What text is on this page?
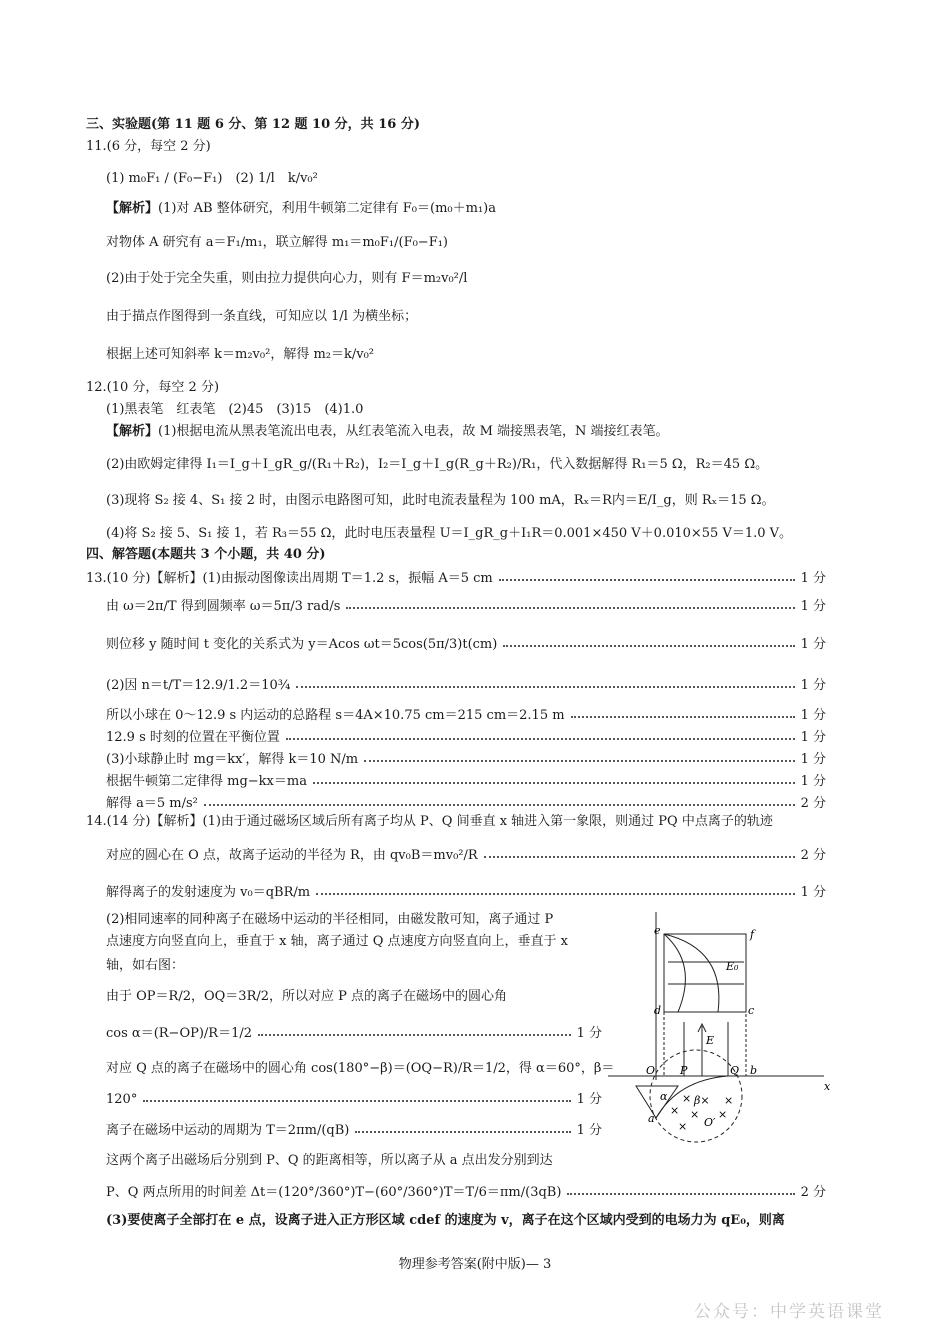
三、实验题(第 11 题 6 分、第 12 题 10 分，共 16 分)
11.(6 分，每空 2 分)
(1) m₀F₁ / (F₀−F₁)　(2) 1/l　k/v₀²
【解析】(1)对 AB 整体研究，利用牛顿第二定律有 F₀＝(m₀＋m₁)a
对物体 A 研究有 a＝F₁/m₁，联立解得 m₁＝m₀F₁/(F₀−F₁)
(2)由于处于完全失重，则由拉力提供向心力，则有 F＝m₂v₀²/l
由于描点作图得到一条直线，可知应以 1/l 为横坐标；
根据上述可知斜率 k＝m₂v₀²，解得 m₂＝k/v₀²
12.(10 分，每空 2 分)
(1)黑表笔　红表笔　(2)45　(3)15　(4)1.0
【解析】(1)根据电流从黑表笔流出电表，从红表笔流入电表，故 M 端接黑表笔，N 端接红表笔。
(2)由欧姆定律得 I₁＝I_g＋I_gR_g/(R₁＋R₂)，I₂＝I_g＋I_g(R_g＋R₂)/R₁，代入数据解得 R₁＝5 Ω，R₂＝45 Ω。
(3)现将 S₂ 接 4、S₁ 接 2 时，由图示电路图可知，此时电流表量程为 100 mA，Rₓ＝R内＝E/I_g，则 Rₓ＝15 Ω。
(4)将 S₂ 接 5、S₁ 接 1，若 R₃＝55 Ω，此时电压表量程 U＝I_gR_g＋I₁R＝0.001×450 V＋0.010×55 V＝1.0 V。
四、解答题(本题共 3 个小题，共 40 分)
13.(10 分)【解析】(1)由振动图像读出周期 T＝1.2 s，振幅 A＝5 cm	1 分
由 ω＝2π/T 得到圆频率 ω＝5π/3 rad/s	1 分
则位移 y 随时间 t 变化的关系式为 y＝Acos ωt＝5cos(5π/3)t(cm)	1 分
(2)因 n＝t/T＝12.9/1.2＝10¾	1 分
所以小球在 0～12.9 s 内运动的总路程 s＝4A×10.75 cm＝215 cm＝2.15 m	1 分
12.9 s 时刻的位置在平衡位置	1 分
(3)小球静止时 mg＝kx′，解得 k＝10 N/m	1 分
根据牛顿第二定律得 mg−kx＝ma	1 分
解得 a＝5 m/s²	2 分
14.(14 分)【解析】(1)由于通过磁场区域后所有离子均从 P、Q 间垂直 x 轴进入第一象限，则通过 PQ 中点离子的轨迹
对应的圆心在 O 点，故离子运动的半径为 R，由 qv₀B＝mv₀²/R	2 分
解得离子的发射速度为 v₀＝qBR/m	1 分
(2)相同速率的同种离子在磁场中运动的半径相同，由磁发散可知，离子通过 P
点速度方向竖直向上，垂直于 x 轴，离子通过 Q 点速度方向竖直向上，垂直于 x
轴，如右图：
由于 OP＝R/2，OQ＝3R/2，所以对应 P 点的离子在磁场中的圆心角
cos α＝(R−OP)/R＝1/2	1 分
对应 Q 点的离子在磁场中的圆心角 cos(180°−β)＝(OQ−R)/R＝1/2，得 α＝60°，β＝
120°	1 分
离子在磁场中运动的周期为 T＝2πm/(qB)	1 分
这两个离子出磁场后分别到 P、Q 的距离相等，所以离子从 a 点出发分别到达
P、Q 两点所用的时间差 Δt＝(120°/360°)T−(60°/360°)T＝T/6＝πm/(3qB)	2 分
(3)要使离子全部打在 e 点，设离子进入正方形区域 cdef 的速度为 v，离子在这个区域内受到的电场力为 qE₀，则离
e	f
d	c
E₀
E
O P	Q b
x
a
α β×
O′
×	×
× × ×
×
物理参考答案(附中版)— 3
公众号：中学英语课堂
